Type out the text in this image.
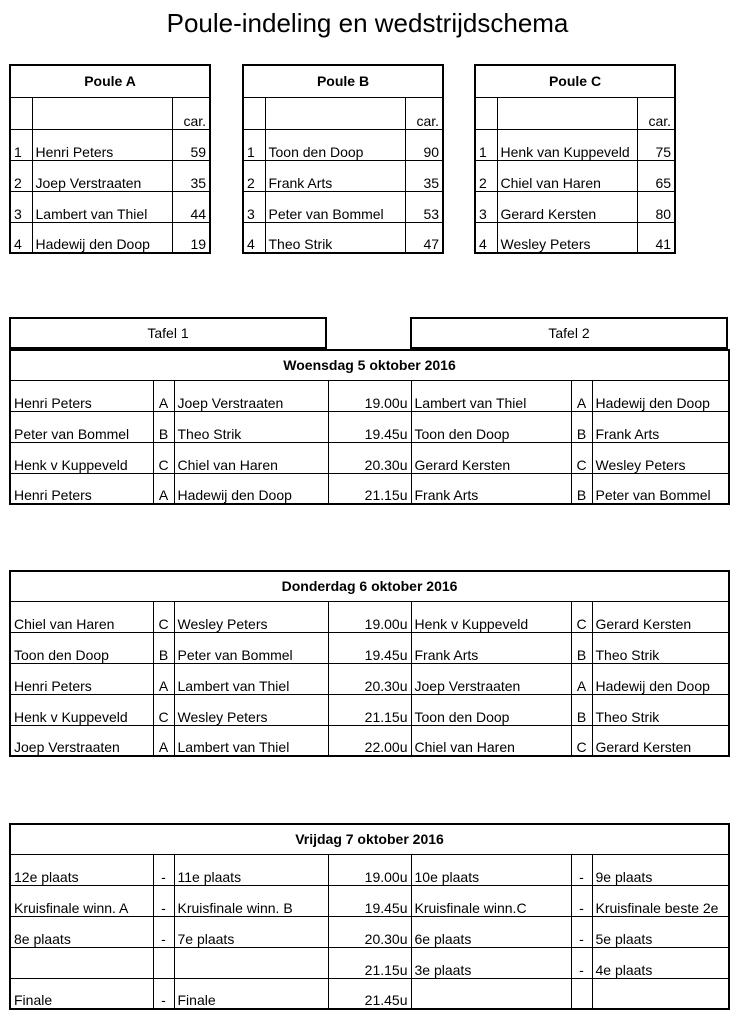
Poule-indeling en wedstrijdschema
Poule A		
		car.
1	Henri Peters	59
2	Joep Verstraaten	35
3	Lambert van Thiel	44
4	Hadewij den Doop	19
Poule B		
		car.
1	Toon den Doop	90
2	Frank Arts	35
3	Peter van Bommel	53
4	Theo Strik	47
Poule C		
		car.
1	Henk van Kuppeveld	75
2	Chiel van Haren	65
3	Gerard Kersten	80
4	Wesley Peters	41
Tafel 1	Tafel 2
Woensdag 5 oktober 2016						
Henri Peters	A	Joep Verstraaten	19.00u	Lambert van Thiel	A	Hadewij den Doop
Peter van Bommel	B	Theo Strik	19.45u	Toon den Doop	B	Frank Arts
Henk v Kuppeveld	C	Chiel van Haren	20.30u	Gerard Kersten	C	Wesley Peters
Henri Peters	A	Hadewij den Doop	21.15u	Frank Arts	B	Peter van Bommel
Donderdag 6 oktober 2016						
Chiel van Haren	C	Wesley Peters	19.00u	Henk v Kuppeveld	C	Gerard Kersten
Toon den Doop	B	Peter van Bommel	19.45u	Frank Arts	B	Theo Strik
Henri Peters	A	Lambert van Thiel	20.30u	Joep Verstraaten	A	Hadewij den Doop
Henk v Kuppeveld	C	Wesley Peters	21.15u	Toon den Doop	B	Theo Strik
Joep Verstraaten	A	Lambert van Thiel	22.00u	Chiel van Haren	C	Gerard Kersten
Vrijdag 7 oktober 2016						
12e plaats	-	11e plaats	19.00u	10e plaats	-	9e plaats
Kruisfinale winn. A	-	Kruisfinale winn. B	19.45u	Kruisfinale winn.C	-	Kruisfinale beste 2e
8e plaats	-	7e plaats	20.30u	6e plaats	-	5e plaats
			21.15u	3e plaats	-	4e plaats
Finale	-	Finale	21.45u			
